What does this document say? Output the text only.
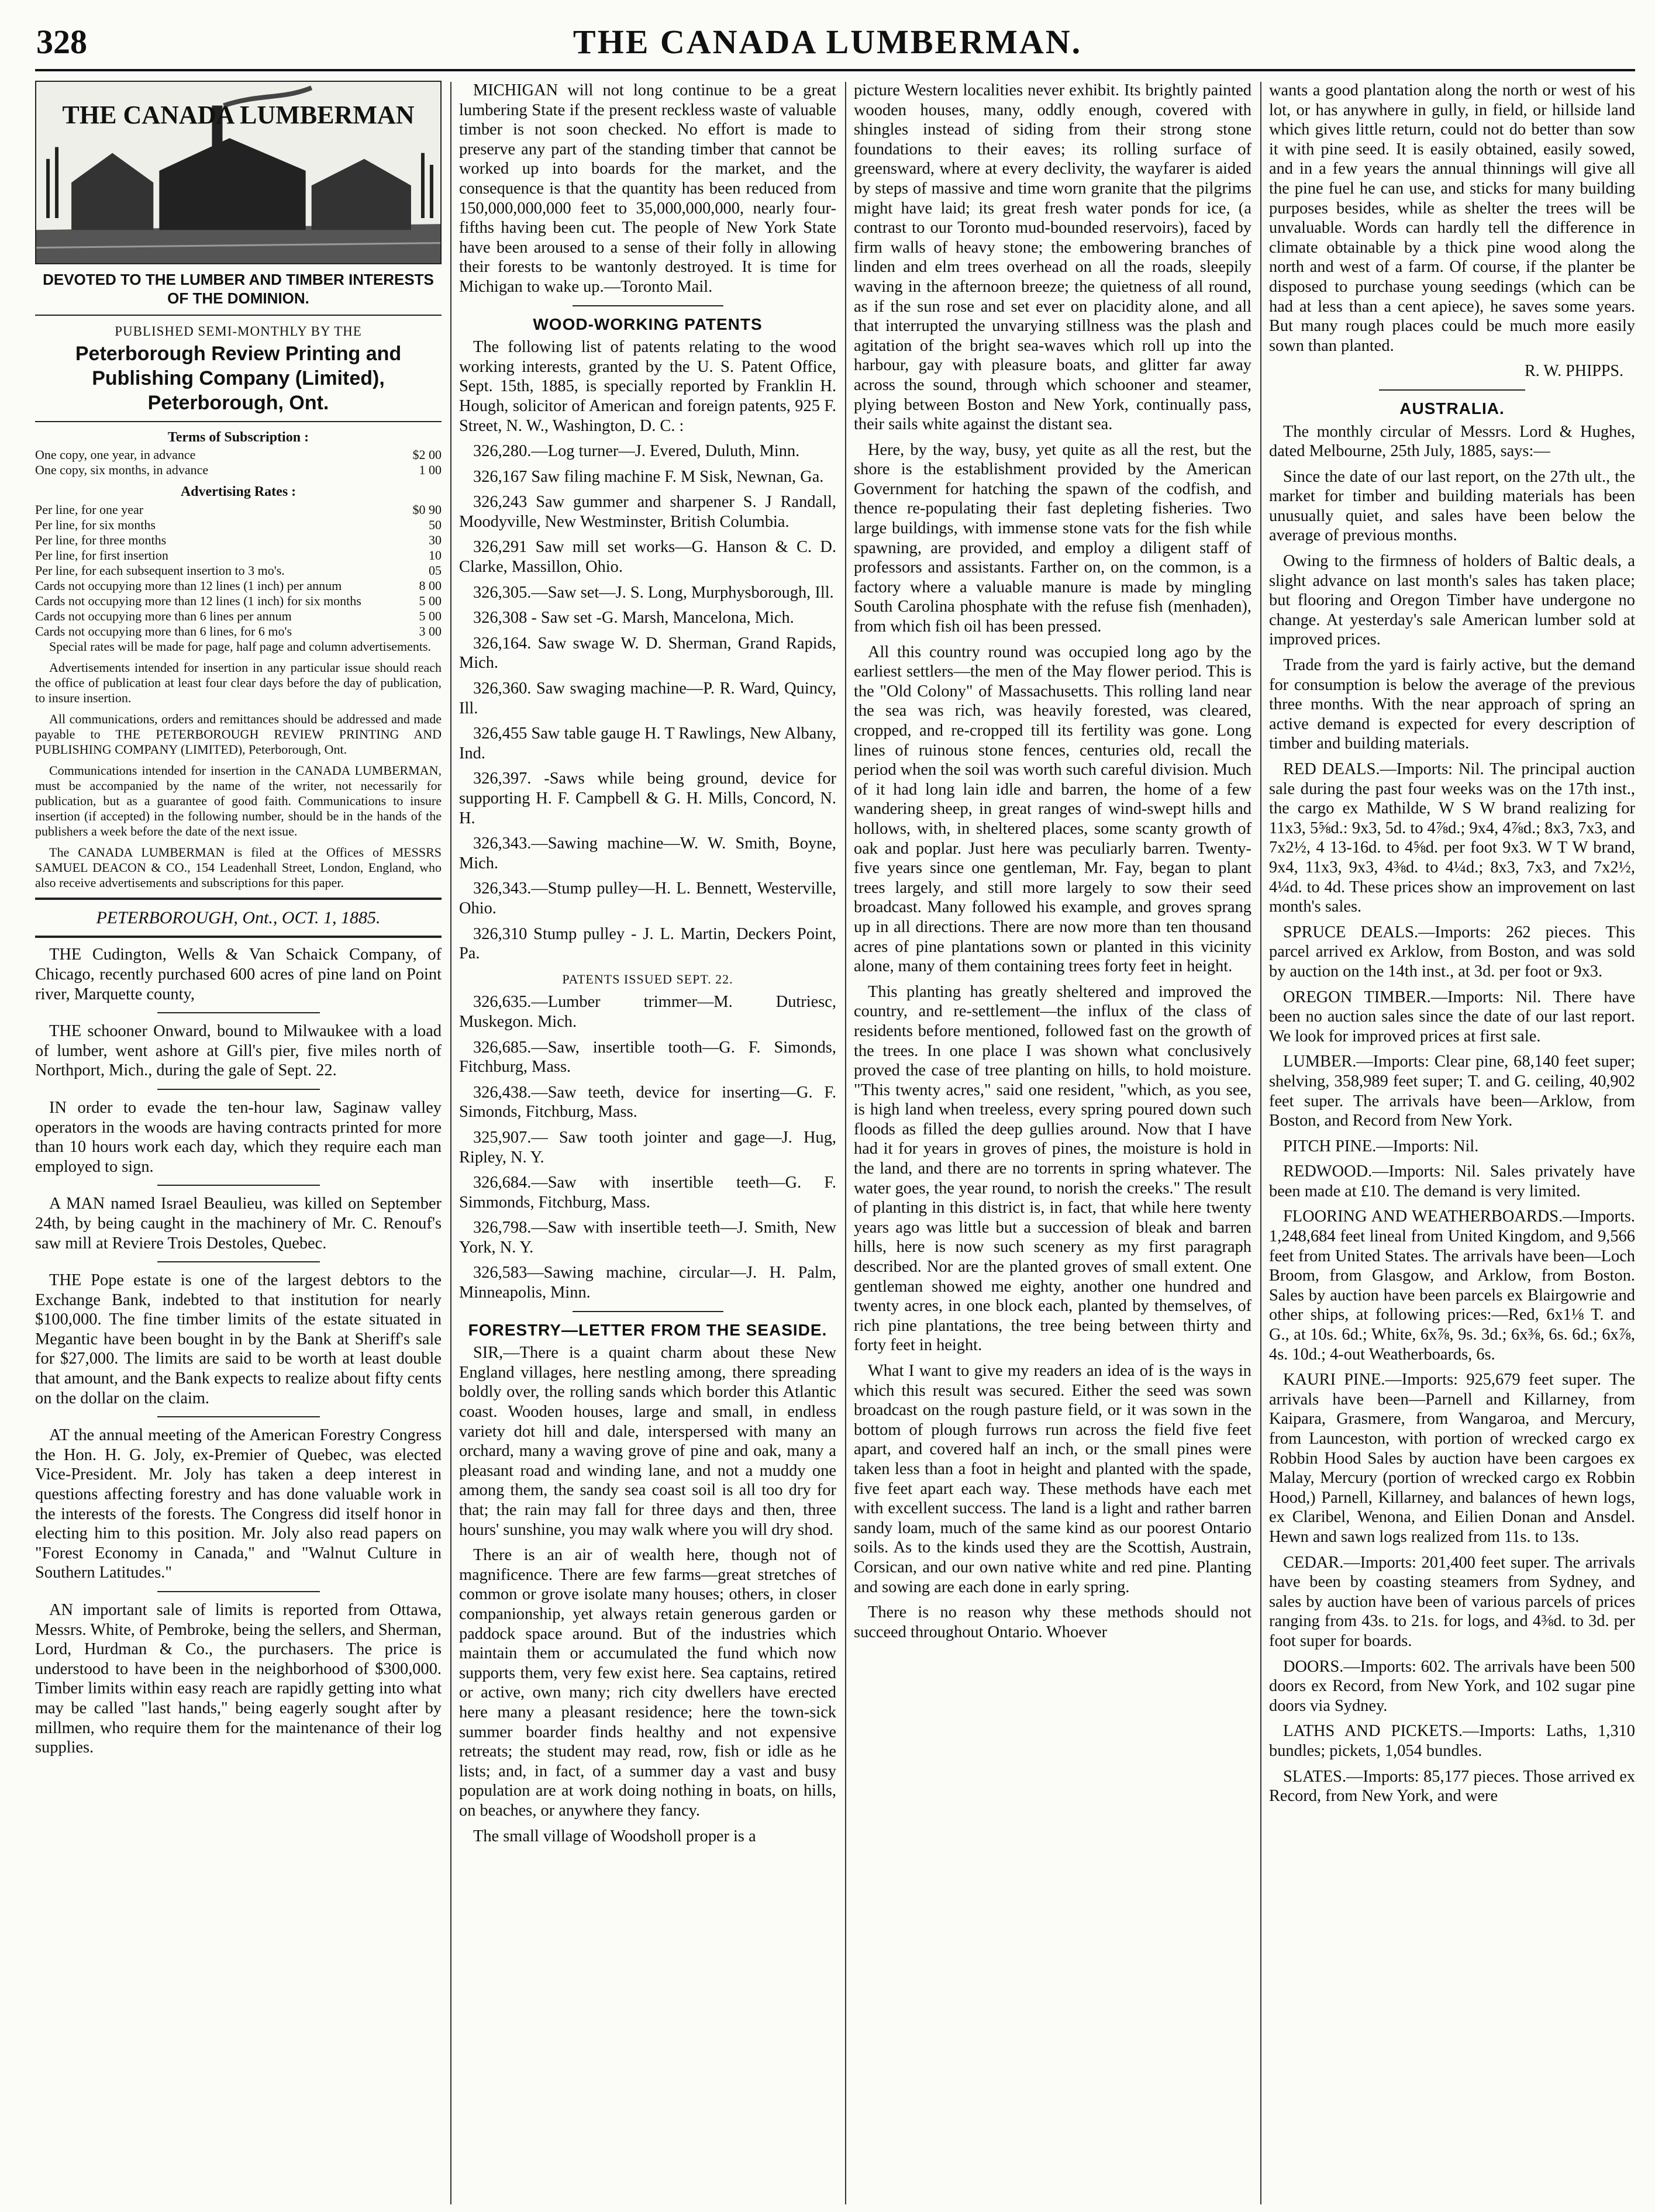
328	THE CANADA LUMBERMAN.
THE CANADA LUMBERMAN
DEVOTED TO THE LUMBER AND TIMBER INTERESTS OF THE DOMINION.
PUBLISHED SEMI-MONTHLY BY THE
Peterborough Review Printing and Publishing Company (Limited), Peterborough, Ont.
Terms of Subscription :
One copy, one year, in advance	$2 00
One copy, six months, in advance	1 00
Advertising Rates :
Per line, for one year	$0 90
Per line, for six months	50
Per line, for three months	30
Per line, for first insertion	10
Per line, for each subsequent insertion to 3 mo's.	05
Cards not occupying more than 12 lines (1 inch) per annum	8 00
Cards not occupying more than 12 lines (1 inch) for six months	5 00
Cards not occupying more than 6 lines per annum	5 00
Cards not occupying more than 6 lines, for 6 mo's	3 00

Special rates will be made for page, half page and column advertisements.

Advertisements intended for insertion in any particular issue should reach the office of publication at least four clear days before the day of publication, to insure insertion.

All communications, orders and remittances should be addressed and made payable to THE PETERBOROUGH REVIEW PRINTING AND PUBLISHING COMPANY (LIMITED), Peterborough, Ont.

Communications intended for insertion in the CANADA LUMBERMAN, must be accompanied by the name of the writer, not necessarily for publication, but as a guarantee of good faith. Communications to insure insertion (if accepted) in the following number, should be in the hands of the publishers a week before the date of the next issue.

The CANADA LUMBERMAN is filed at the Offices of MESSRS SAMUEL DEACON & CO., 154 Leadenhall Street, London, England, who also receive advertisements and subscriptions for this paper.

PETERBOROUGH, Ont., OCT. 1, 1885.

THE Cudington, Wells & Van Schaick Company, of Chicago, recently purchased 600 acres of pine land on Point river, Marquette county,

THE schooner Onward, bound to Milwaukee with a load of lumber, went ashore at Gill's pier, five miles north of Northport, Mich., during the gale of Sept. 22.

IN order to evade the ten-hour law, Saginaw valley operators in the woods are having contracts printed for more than 10 hours work each day, which they require each man employed to sign.

A MAN named Israel Beaulieu, was killed on September 24th, by being caught in the machinery of Mr. C. Renouf's saw mill at Reviere Trois Destoles, Quebec.

THE Pope estate is one of the largest debtors to the Exchange Bank, indebted to that institution for nearly $100,000. The fine timber limits of the estate situated in Megantic have been bought in by the Bank at Sheriff's sale for $27,000. The limits are said to be worth at least double that amount, and the Bank expects to realize about fifty cents on the dollar on the claim.

AT the annual meeting of the American Forestry Congress the Hon. H. G. Joly, ex-Premier of Quebec, was elected Vice-President. Mr. Joly has taken a deep interest in questions affecting forestry and has done valuable work in the interests of the forests. The Congress did itself honor in electing him to this position. Mr. Joly also read papers on "Forest Economy in Canada," and "Walnut Culture in Southern Latitudes."

AN important sale of limits is reported from Ottawa, Messrs. White, of Pembroke, being the sellers, and Sherman, Lord, Hurdman & Co., the purchasers. The price is understood to have been in the neighborhood of $300,000. Timber limits within easy reach are rapidly getting into what may be called "last hands," being eagerly sought after by millmen, who require them for the maintenance of their log supplies.

MICHIGAN will not long continue to be a great lumbering State if the present reckless waste of valuable timber is not soon checked. No effort is made to preserve any part of the standing timber that cannot be worked up into boards for the market, and the consequence is that the quantity has been reduced from 150,000,000,000 feet to 35,000,000,000, nearly four-fifths having been cut. The people of New York State have been aroused to a sense of their folly in allowing their forests to be wantonly destroyed. It is time for Michigan to wake up.—Toronto Mail.

WOOD-WORKING PATENTS

The following list of patents relating to the wood working interests, granted by the U. S. Patent Office, Sept. 15th, 1885, is specially reported by Franklin H. Hough, solicitor of American and foreign patents, 925 F. Street, N. W., Washington, D. C. :

326,280.—Log turner—J. Evered, Duluth, Minn.

326,167 Saw filing machine F. M Sisk, Newnan, Ga.

326,243 Saw gummer and sharpener S. J Randall, Moodyville, New Westminster, British Columbia.

326,291 Saw mill set works—G. Hanson & C. D. Clarke, Massillon, Ohio.

326,305.—Saw set—J. S. Long, Murphysborough, Ill.

326,308 - Saw set -G. Marsh, Mancelona, Mich.

326,164. Saw swage W. D. Sherman, Grand Rapids, Mich.

326,360. Saw swaging machine—P. R. Ward, Quincy, Ill.

326,455 Saw table gauge H. T Rawlings, New Albany, Ind.

326,397. -Saws while being ground, device for supporting H. F. Campbell & G. H. Mills, Concord, N. H.

326,343.—Sawing machine—W. W. Smith, Boyne, Mich.

326,343.—Stump pulley—H. L. Bennett, Westerville, Ohio.

326,310 Stump pulley - J. L. Martin, Deckers Point, Pa.

PATENTS ISSUED SEPT. 22.

326,635.—Lumber trimmer—M. Dutriesc, Muskegon. Mich.

326,685.—Saw, insertible tooth—G. F. Simonds, Fitchburg, Mass.

326,438.—Saw teeth, device for inserting—G. F. Simonds, Fitchburg, Mass.

325,907.— Saw tooth jointer and gage—J. Hug, Ripley, N. Y.

326,684.—Saw with insertible teeth—G. F. Simmonds, Fitchburg, Mass.

326,798.—Saw with insertible teeth—J. Smith, New York, N. Y.

326,583—Sawing machine, circular—J. H. Palm, Minneapolis, Minn.

FORESTRY—LETTER FROM THE SEASIDE.

SIR,—There is a quaint charm about these New England villages, here nestling among, there spreading boldly over, the rolling sands which border this Atlantic coast. Wooden houses, large and small, in endless variety dot hill and dale, interspersed with many an orchard, many a waving grove of pine and oak, many a pleasant road and winding lane, and not a muddy one among them, the sandy sea coast soil is all too dry for that; the rain may fall for three days and then, three hours' sunshine, you may walk where you will dry shod.

There is an air of wealth here, though not of magnificence. There are few farms—great stretches of common or grove isolate many houses; others, in closer companionship, yet always retain generous garden or paddock space around. But of the industries which maintain them or accumulated the fund which now supports them, very few exist here. Sea captains, retired or active, own many; rich city dwellers have erected here many a pleasant residence; here the town-sick summer boarder finds healthy and not expensive retreats; the student may read, row, fish or idle as he lists; and, in fact, of a summer day a vast and busy population are at work doing nothing in boats, on hills, on beaches, or anywhere they fancy.

The small village of Woodsholl proper is a

picture Western localities never exhibit. Its brightly painted wooden houses, many, oddly enough, covered with shingles instead of siding from their strong stone foundations to their eaves; its rolling surface of greensward, where at every declivity, the wayfarer is aided by steps of massive and time worn granite that the pilgrims might have laid; its great fresh water ponds for ice, (a contrast to our Toronto mud-bounded reservoirs), faced by firm walls of heavy stone; the embowering branches of linden and elm trees overhead on all the roads, sleepily waving in the afternoon breeze; the quietness of all round, as if the sun rose and set ever on placidity alone, and all that interrupted the unvarying stillness was the plash and agitation of the bright sea-waves which roll up into the harbour, gay with pleasure boats, and glitter far away across the sound, through which schooner and steamer, plying between Boston and New York, continually pass, their sails white against the distant sea.

Here, by the way, busy, yet quite as all the rest, but the shore is the establishment provided by the American Government for hatching the spawn of the codfish, and thence re-populating their fast depleting fisheries. Two large buildings, with immense stone vats for the fish while spawning, are provided, and employ a diligent staff of professors and assistants. Farther on, on the common, is a factory where a valuable manure is made by mingling South Carolina phosphate with the refuse fish (menhaden), from which fish oil has been pressed.

All this country round was occupied long ago by the earliest settlers—the men of the May flower period. This is the "Old Colony" of Massachusetts. This rolling land near the sea was rich, was heavily forested, was cleared, cropped, and re-cropped till its fertility was gone. Long lines of ruinous stone fences, centuries old, recall the period when the soil was worth such careful division. Much of it had long lain idle and barren, the home of a few wandering sheep, in great ranges of wind-swept hills and hollows, with, in sheltered places, some scanty growth of oak and poplar. Just here was peculiarly barren. Twenty-five years since one gentleman, Mr. Fay, began to plant trees largely, and still more largely to sow their seed broadcast. Many followed his example, and groves sprang up in all directions. There are now more than ten thousand acres of pine plantations sown or planted in this vicinity alone, many of them containing trees forty feet in height.

This planting has greatly sheltered and improved the country, and re-settlement—the influx of the class of residents before mentioned, followed fast on the growth of the trees. In one place I was shown what conclusively proved the case of tree planting on hills, to hold moisture. "This twenty acres," said one resident, "which, as you see, is high land when treeless, every spring poured down such floods as filled the deep gullies around. Now that I have had it for years in groves of pines, the moisture is hold in the land, and there are no torrents in spring whatever. The water goes, the year round, to norish the creeks." The result of planting in this district is, in fact, that while here twenty years ago was little but a succession of bleak and barren hills, here is now such scenery as my first paragraph described. Nor are the planted groves of small extent. One gentleman showed me eighty, another one hundred and twenty acres, in one block each, planted by themselves, of rich pine plantations, the tree being between thirty and forty feet in height.

What I want to give my readers an idea of is the ways in which this result was secured. Either the seed was sown broadcast on the rough pasture field, or it was sown in the bottom of plough furrows run across the field five feet apart, and covered half an inch, or the small pines were taken less than a foot in height and planted with the spade, five feet apart each way. These methods have each met with excellent success. The land is a light and rather barren sandy loam, much of the same kind as our poorest Ontario soils. As to the kinds used they are the Scottish, Austrain, Corsican, and our own native white and red pine. Planting and sowing are each done in early spring.

There is no reason why these methods should not succeed throughout Ontario. Whoever

wants a good plantation along the north or west of his lot, or has anywhere in gully, in field, or hillside land which gives little return, could not do better than sow it with pine seed. It is easily obtained, easily sowed, and in a few years the annual thinnings will give all the pine fuel he can use, and sticks for many building purposes besides, while as shelter the trees will be unvaluable. Words can hardly tell the difference in climate obtainable by a thick pine wood along the north and west of a farm. Of course, if the planter be disposed to purchase young seedings (which can be had at less than a cent apiece), he saves some years. But many rough places could be much more easily sown than planted.

R. W. PHIPPS.
AUSTRALIA.

The monthly circular of Messrs. Lord & Hughes, dated Melbourne, 25th July, 1885, says:—

Since the date of our last report, on the 27th ult., the market for timber and building materials has been unusually quiet, and sales have been below the average of previous months.

Owing to the firmness of holders of Baltic deals, a slight advance on last month's sales has taken place; but flooring and Oregon Timber have undergone no change. At yesterday's sale American lumber sold at improved prices.

Trade from the yard is fairly active, but the demand for consumption is below the average of the previous three months. With the near approach of spring an active demand is expected for every description of timber and building materials.

RED DEALS.—Imports: Nil. The principal auction sale during the past four weeks was on the 17th inst., the cargo ex Mathilde, W S W brand realizing for 11x3, 5⅝d.: 9x3, 5d. to 4⅞d.; 9x4, 4⅞d.; 8x3, 7x3, and 7x2½, 4 13-16d. to 4⅝d. per foot 9x3. W T W brand, 9x4, 11x3, 9x3, 4⅜d. to 4¼d.; 8x3, 7x3, and 7x2½, 4¼d. to 4d. These prices show an improvement on last month's sales.

SPRUCE DEALS.—Imports: 262 pieces. This parcel arrived ex Arklow, from Boston, and was sold by auction on the 14th inst., at 3d. per foot or 9x3.

OREGON TIMBER.—Imports: Nil. There have been no auction sales since the date of our last report. We look for improved prices at first sale.

LUMBER.—Imports: Clear pine, 68,140 feet super; shelving, 358,989 feet super; T. and G. ceiling, 40,902 feet super. The arrivals have been—Arklow, from Boston, and Record from New York.

PITCH PINE.—Imports: Nil.

REDWOOD.—Imports: Nil. Sales privately have been made at £10. The demand is very limited.

FLOORING AND WEATHERBOARDS.—Imports. 1,248,684 feet lineal from United Kingdom, and 9,566 feet from United States. The arrivals have been—Loch Broom, from Glasgow, and Arklow, from Boston. Sales by auction have been parcels ex Blairgowrie and other ships, at following prices:—Red, 6x1⅛ T. and G., at 10s. 6d.; White, 6x⅞, 9s. 3d.; 6x⅜, 6s. 6d.; 6x⅞, 4s. 10d.; 4-out Weatherboards, 6s.

KAURI PINE.—Imports: 925,679 feet super. The arrivals have been—Parnell and Killarney, from Kaipara, Grasmere, from Wangaroa, and Mercury, from Launceston, with portion of wrecked cargo ex Robbin Hood Sales by auction have been cargoes ex Malay, Mercury (portion of wrecked cargo ex Robbin Hood,) Parnell, Killarney, and balances of hewn logs, ex Claribel, Wenona, and Eilien Donan and Ansdel. Hewn and sawn logs realized from 11s. to 13s.

CEDAR.—Imports: 201,400 feet super. The arrivals have been by coasting steamers from Sydney, and sales by auction have been of various parcels of prices ranging from 43s. to 21s. for logs, and 4⅜d. to 3d. per foot super for boards.

DOORS.—Imports: 602. The arrivals have been 500 doors ex Record, from New York, and 102 sugar pine doors via Sydney.

LATHS AND PICKETS.—Imports: Laths, 1,310 bundles; pickets, 1,054 bundles.

SLATES.—Imports: 85,177 pieces. Those arrived ex Record, from New York, and were
